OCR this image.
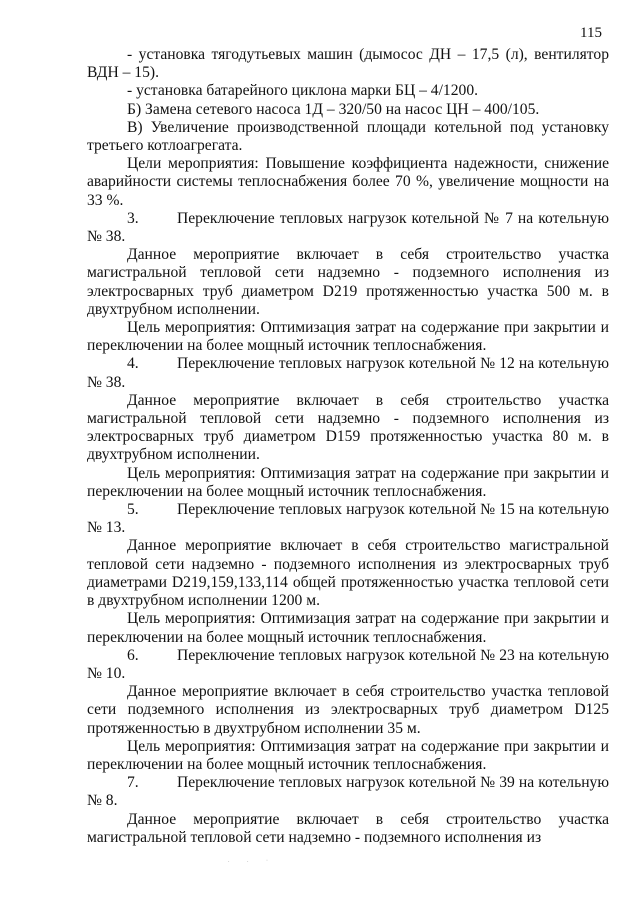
115

- установка тягодутьевых машин (дымосос ДН – 17,5 (л), вентилятор ВДН – 15).

- установка батарейного циклона марки БЦ – 4/1200.

Б) Замена сетевого насоса 1Д – 320/50 на насос ЦН – 400/105.

В) Увеличение производственной площади котельной под установку третьего котлоагрегата.

Цели мероприятия: Повышение коэффициента надежности, снижение аварийности системы теплоснабжения более 70 %, увеличение мощности на 33 %.

3. Переключение тепловых нагрузок котельной № 7 на котельную № 38.

Данное мероприятие включает в себя строительство участка магистральной тепловой сети надземно - подземного исполнения из электросварных труб диаметром D219 протяженностью участка 500 м. в двухтрубном исполнении.

Цель мероприятия: Оптимизация затрат на содержание при закрытии и переключении на более мощный источник теплоснабжения.

4. Переключение тепловых нагрузок котельной № 12 на котельную № 38.

Данное мероприятие включает в себя строительство участка магистральной тепловой сети надземно - подземного исполнения из электросварных труб диаметром D159 протяженностью участка 80 м. в двухтрубном исполнении.

Цель мероприятия: Оптимизация затрат на содержание при закрытии и переключении на более мощный источник теплоснабжения.

5. Переключение тепловых нагрузок котельной № 15 на котельную № 13.

Данное мероприятие включает в себя строительство магистральной тепловой сети надземно - подземного исполнения из электросварных труб диаметрами D219,159,133,114 общей протяженностью участка тепловой сети в двухтрубном исполнении 1200 м.

Цель мероприятия: Оптимизация затрат на содержание при закрытии и переключении на более мощный источник теплоснабжения.

6. Переключение тепловых нагрузок котельной № 23 на котельную № 10.

Данное мероприятие включает в себя строительство участка тепловой сети подземного исполнения из электросварных труб диаметром D125 протяженностью в двухтрубном исполнении 35 м.

Цель мероприятия: Оптимизация затрат на содержание при закрытии и переключении на более мощный источник теплоснабжения.

7. Переключение тепловых нагрузок котельной № 39 на котельную № 8.

Данное мероприятие включает в себя строительство участка магистральной тепловой сети надземно - подземного исполнения из

. . ·
